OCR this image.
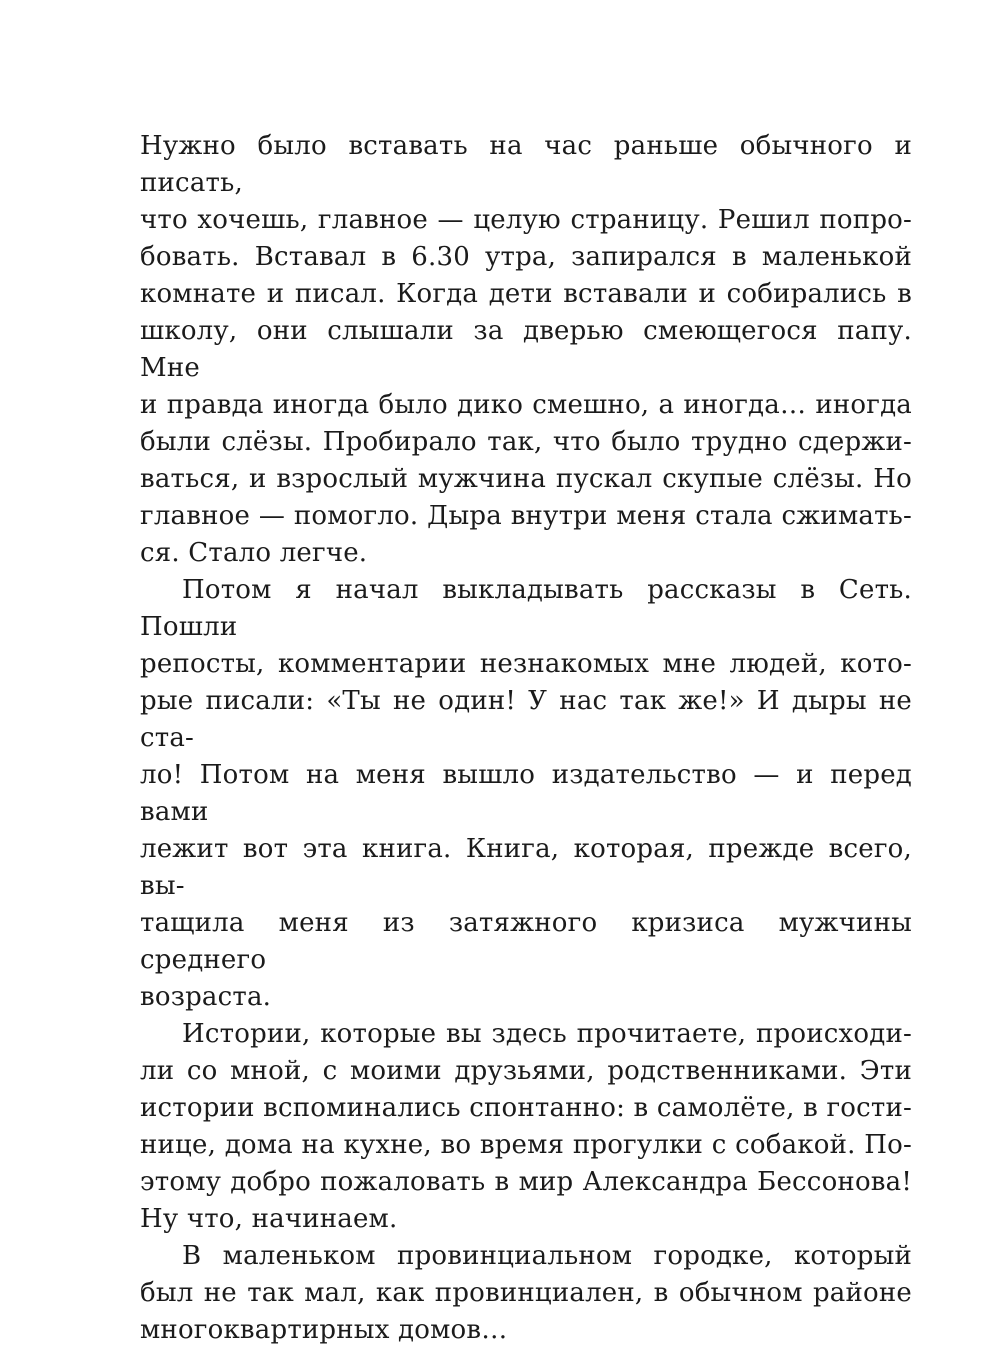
Нужно было вставать на час раньше обычного и писать,
что хочешь, главное — целую страницу. Решил попро-
бовать. Вставал в 6.30 утра, запирался в маленькой
комнате и писал. Когда дети вставали и собирались в
школу, они слышали за дверью смеющегося папу. Мне
и правда иногда было дико смешно, а иногда… иногда
были слёзы. Пробирало так, что было трудно сдержи-
ваться, и взрослый мужчина пускал скупые слёзы. Но
главное — помогло. Дыра внутри меня стала сжимать-
ся. Стало легче.

Потом я начал выкладывать рассказы в Сеть. Пошли
репосты, комментарии незнакомых мне людей, кото-
рые писали: «Ты не один! У нас так же!» И дыры не ста-
ло! Потом на меня вышло издательство — и перед вами
лежит вот эта книга. Книга, которая, прежде всего, вы-
тащила меня из затяжного кризиса мужчины среднего
возраста.

Истории, которые вы здесь прочитаете, происходи-
ли со мной, с моими друзьями, родственниками. Эти
истории вспоминались спонтанно: в самолёте, в гости-
нице, дома на кухне, во время прогулки с собакой. По-
этому добро пожаловать в мир Александра Бессонова!
Ну что, начинаем.

В маленьком провинциальном городке, который
был не так мал, как провинциален, в обычном районе
многоквартирных домов…
